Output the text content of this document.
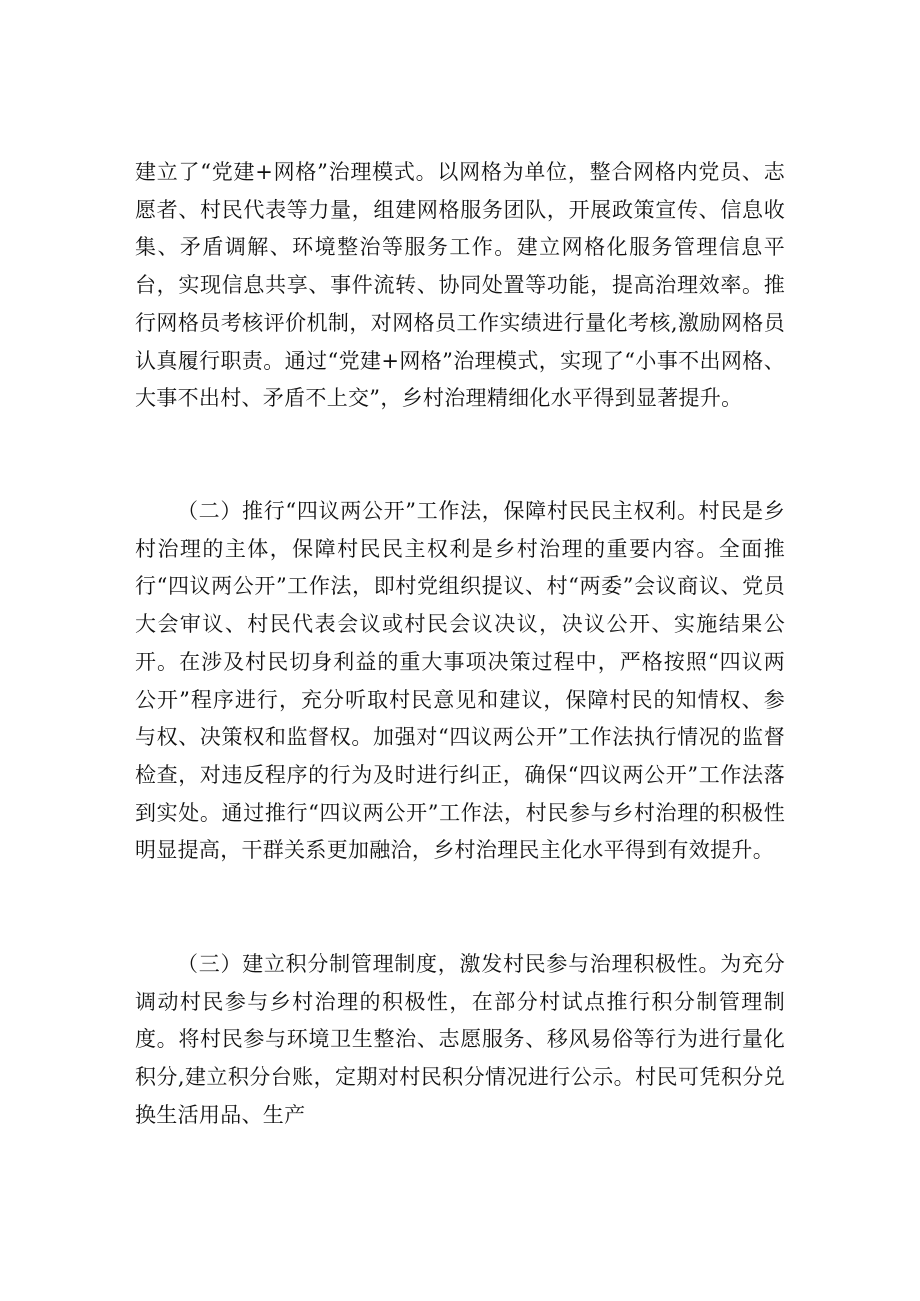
建立了“党建+网格”治理模式。以网格为单位，整合网格内党员、志愿者、村民代表等力量，组建网格服务团队，开展政策宣传、信息收集、矛盾调解、环境整治等服务工作。建立网格化服务管理信息平台，实现信息共享、事件流转、协同处置等功能，提高治理效率。推行网格员考核评价机制，对网格员工作实绩进行量化考核,激励网格员认真履行职责。通过“党建+网格”治理模式，实现了“小事不出网格、大事不出村、矛盾不上交”，乡村治理精细化水平得到显著提升。

（二）推行“四议两公开”工作法，保障村民民主权利。村民是乡村治理的主体，保障村民民主权利是乡村治理的重要内容。全面推行“四议两公开”工作法，即村党组织提议、村“两委”会议商议、党员大会审议、村民代表会议或村民会议决议，决议公开、实施结果公开。在涉及村民切身利益的重大事项决策过程中，严格按照“四议两公开”程序进行，充分听取村民意见和建议，保障村民的知情权、参与权、决策权和监督权。加强对“四议两公开”工作法执行情况的监督检查，对违反程序的行为及时进行纠正，确保“四议两公开”工作法落到实处。通过推行“四议两公开”工作法，村民参与乡村治理的积极性明显提高，干群关系更加融洽，乡村治理民主化水平得到有效提升。

（三）建立积分制管理制度，激发村民参与治理积极性。为充分调动村民参与乡村治理的积极性，在部分村试点推行积分制管理制度。将村民参与环境卫生整治、志愿服务、移风易俗等行为进行量化积分,建立积分台账，定期对村民积分情况进行公示。村民可凭积分兑换生活用品、生产
